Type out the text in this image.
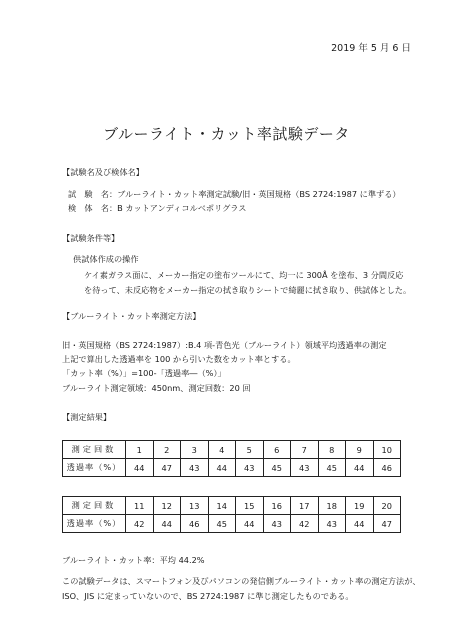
2019 年 5 月 6 日
ブルーライト・カット率試験データ
【試験名及び検体名】
試　験　名：ブルーライト・カット率測定試験/旧・英国規格（BS 2724:1987 に準ずる）
検　体　名：B カットアンディコルベポリグラス
【試験条件等】
供試体作成の操作
ケイ素ガラス面に、メーカー指定の塗布ツールにて、均一に 300Å を塗布、3 分間反応
を待って、未反応物をメーカー指定の拭き取りシートで綺麗に拭き取り、供試体とした。
【ブルーライト・カット率測定方法】
旧・英国規格（BS 2724:1987）:B.4 項-青色光（ブルーライト）領域平均透過率の測定
上記で算出した透過率を 100 から引いた数をカット率とする。
「カット率（%）」=100-「透過率―（%）」
ブルーライト測定領域：450nm、測定回数：20 回
【測定結果】
測定回数	1	2	3	4	5	6	7	8	9	10
透過率（%）	44	47	43	44	43	45	43	45	44	46
測定回数	11	12	13	14	15	16	17	18	19	20
透過率（%）	42	44	46	45	44	43	42	43	44	47
ブルーライト・カット率：平均 44.2%
この試験データは、スマートフォン及びパソコンの発信側ブルーライト・カット率の測定方法が、
ISO、JIS に定まっていないので、BS 2724:1987 に準じ測定したものである。
